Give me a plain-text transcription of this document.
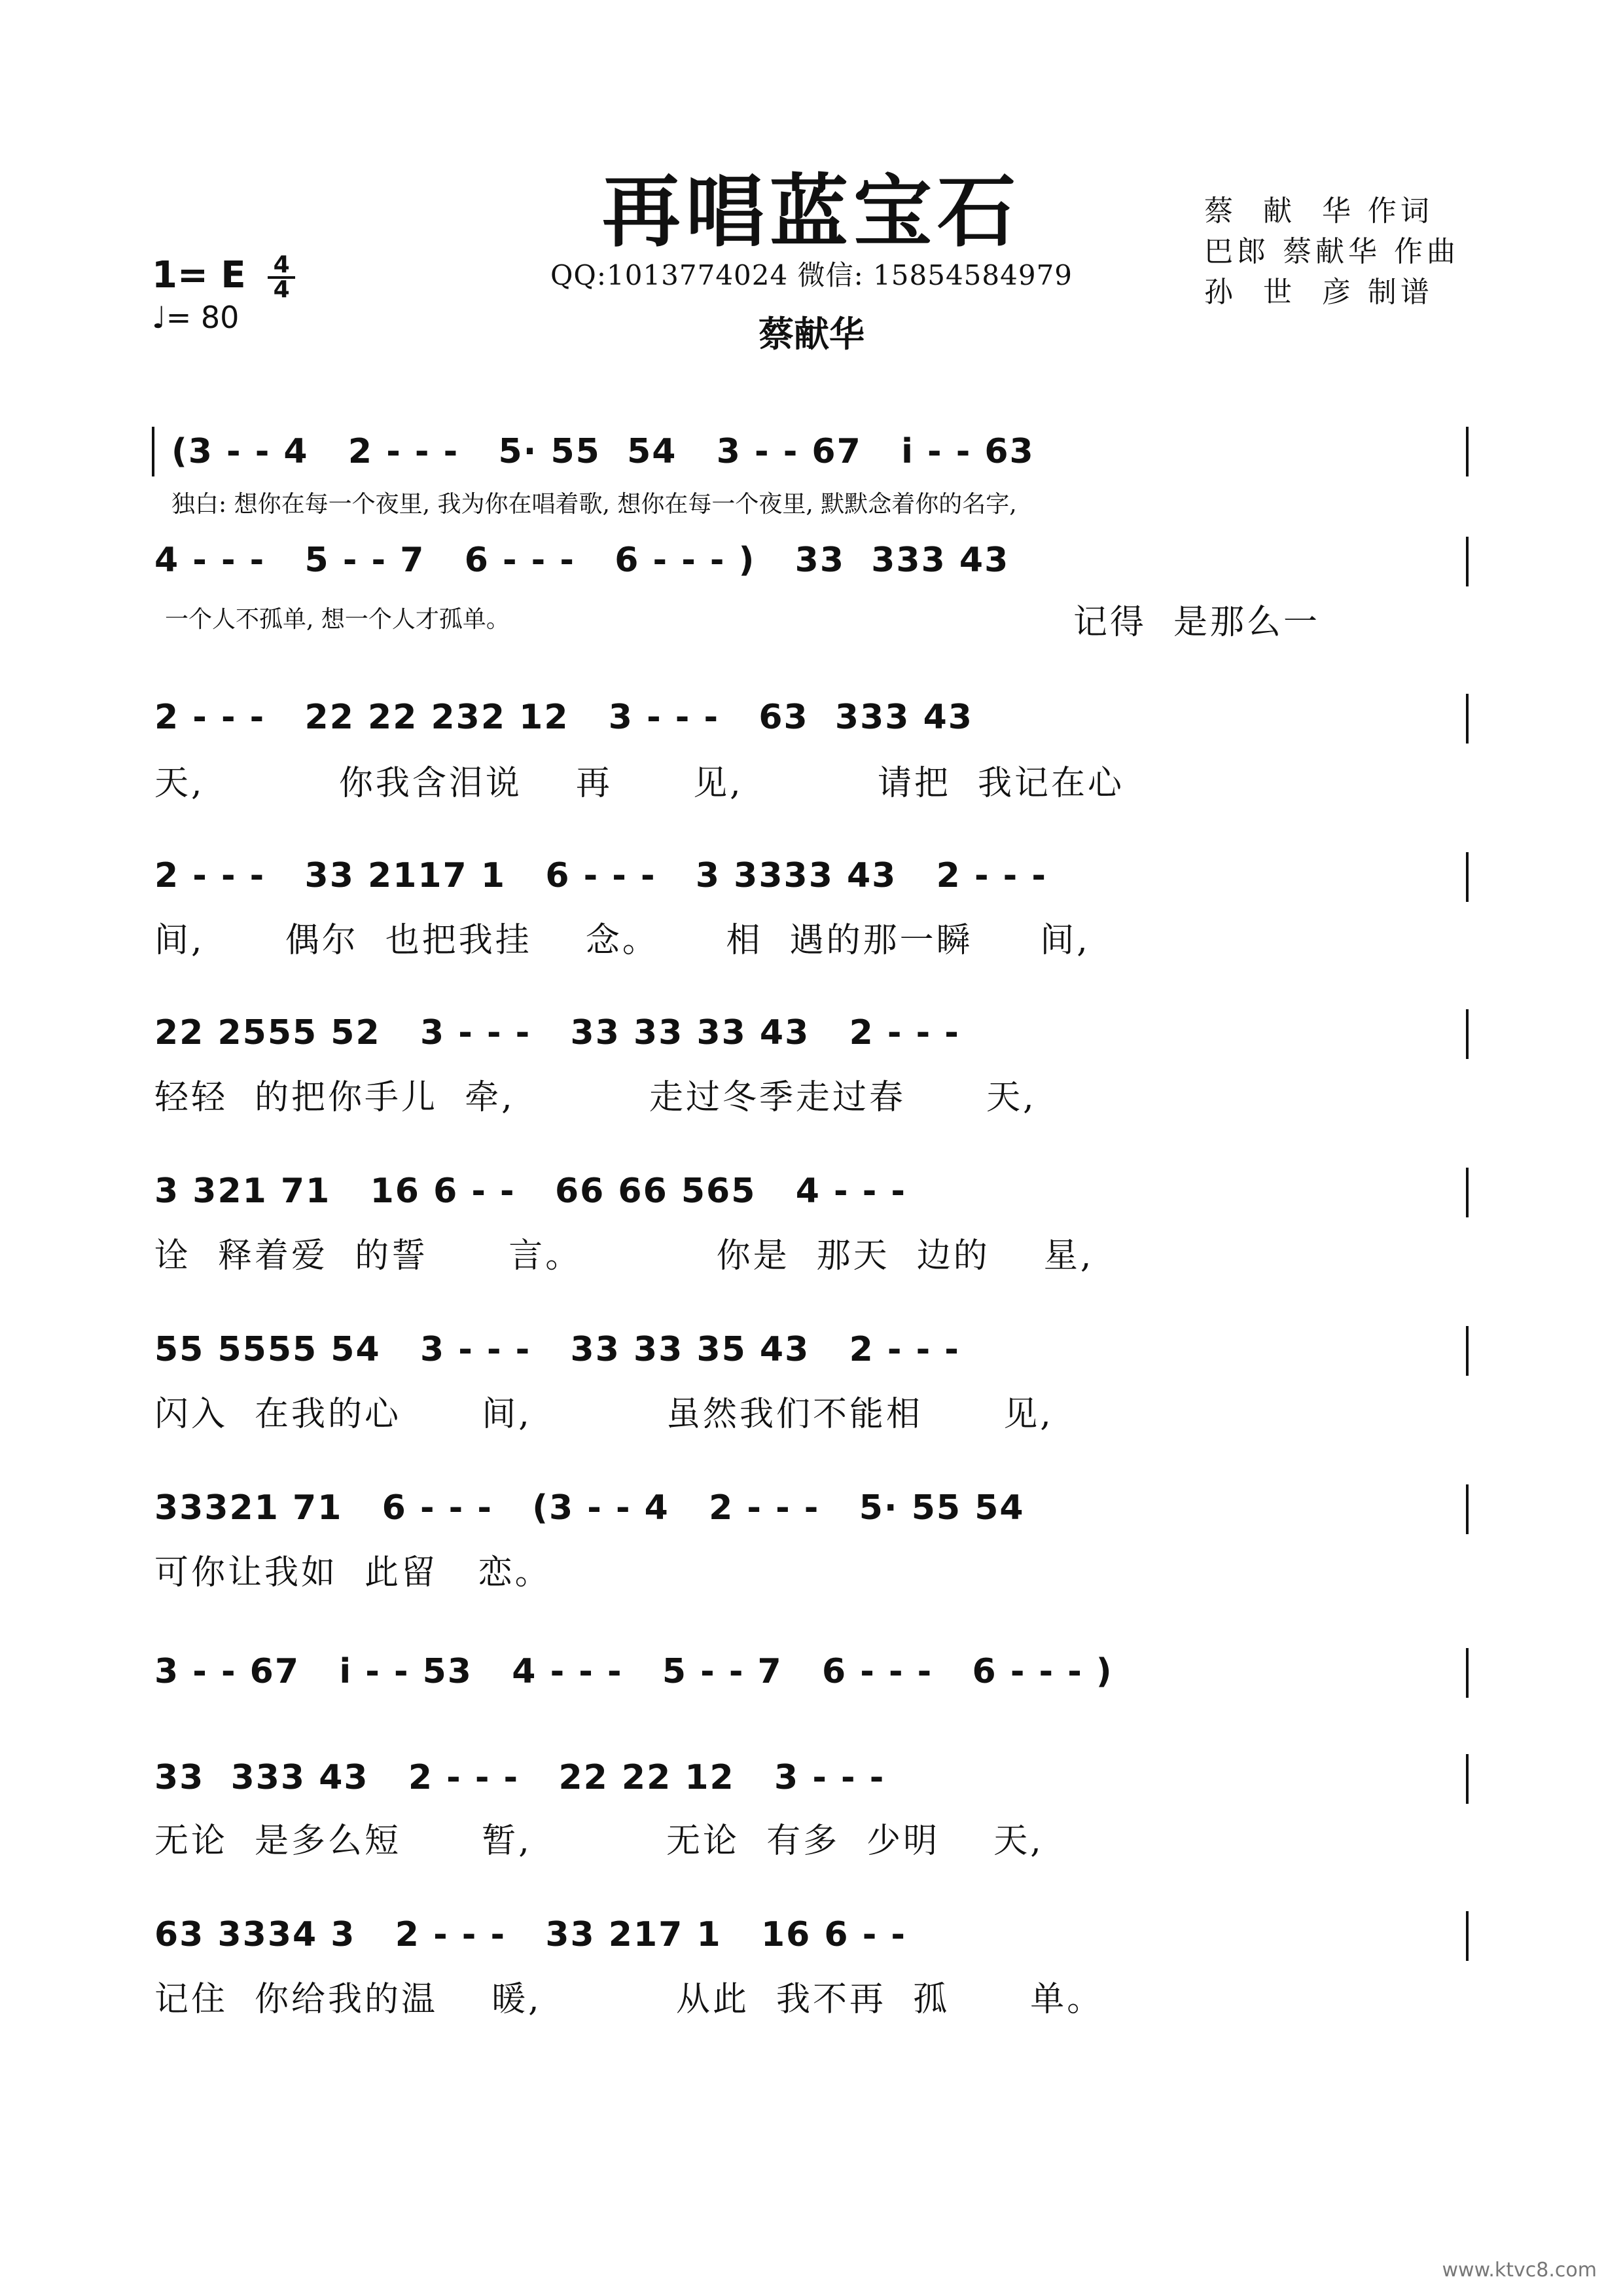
再唱蓝宝石
QQ:1013774024 微信: 15854584979
蔡献华
蔡  献  华 作词
巴郎 蔡献华 作曲
孙  世  彦 制谱
1= E $\frac{4}{4}$
♩= 80
(3 - - 4   2 - - -   5· 55  54   3 - - 67   i - - 63
独白: 想你在每一个夜里, 我为你在唱着歌, 想你在每一个夜里, 默默念着你的名字,
4 - - -   5 - - 7   6 - - -   6 - - - )   33  333 43
一个人不孤单, 想一个人才孤单。	记得  是那么一
2 - - -   22 22 232 12   3 - - -   63  333 43
天,          你我含泪说    再      见,          请把  我记在心
2 - - -   33 2117 1   6 - - -   3 3333 43   2 - - -
间,      偶尔  也把我挂    念。     相  遇的那一瞬     间,
22 2555 52   3 - - -   33 33 33 43   2 - - -
轻轻  的把你手儿  牵,          走过冬季走过春      天,
3 321 71   16 6 - -   66 66 565   4 - - -
诠  释着爱  的誓      言。          你是  那天  边的    星,
55 5555 54   3 - - -   33 33 35 43   2 - - -
闪入  在我的心      间,          虽然我们不能相      见,
33321 71   6 - - -   (3 - - 4   2 - - -   5· 55 54
可你让我如  此留   恋。
3 - - 67   i - - 53   4 - - -   5 - - 7   6 - - -   6 - - - )
33  333 43   2 - - -   22 22 12   3 - - -
无论  是多么短      暂,          无论  有多  少明    天,
63 3334 3   2 - - -   33 217 1   16 6 - -
记住  你给我的温    暖,          从此  我不再  孤      单。
www.ktvc8.com
